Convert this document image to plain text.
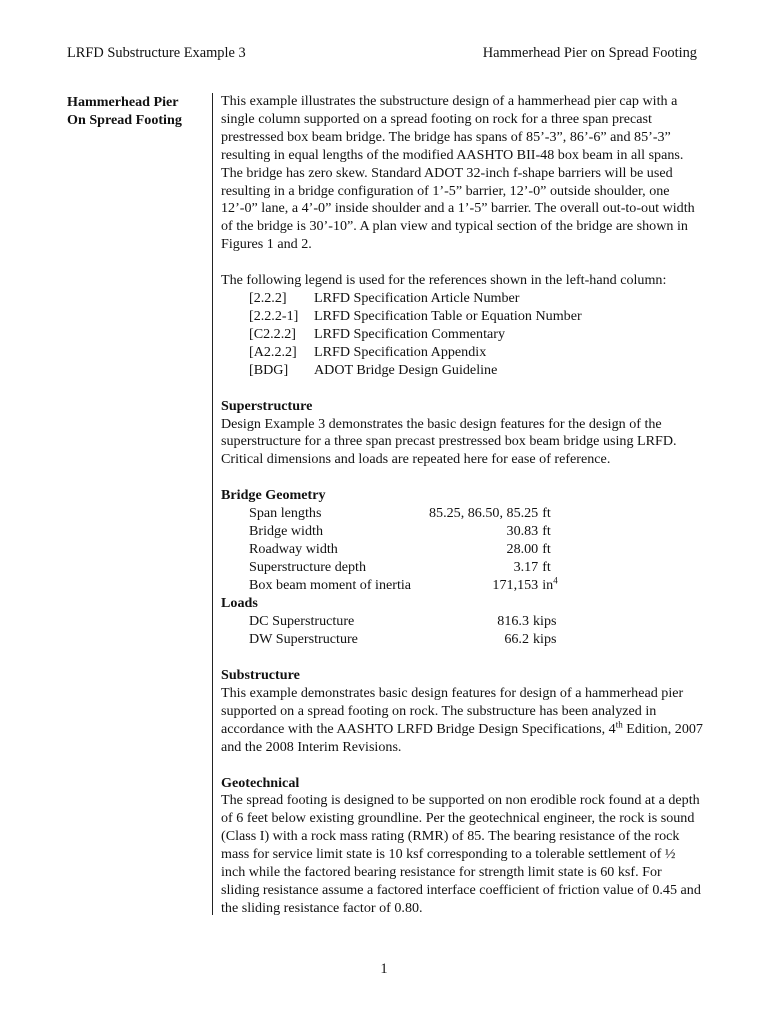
LRFD Substructure Example 3	Hammerhead Pier on Spread Footing
Hammerhead Pier
On Spread Footing

This example illustrates the substructure design of a hammerhead pier cap with a single column supported on a spread footing on rock for a three span precast prestressed box beam bridge. The bridge has spans of 85’-3”, 86’-6” and 85’-3” resulting in equal lengths of the modified AASHTO BII-48 box beam in all spans. The bridge has zero skew. Standard ADOT 32-inch f-shape barriers will be used resulting in a bridge configuration of 1’-5” barrier, 12’-0” outside shoulder, one 12’-0” lane, a 4’-0” inside shoulder and a 1’-5” barrier. The overall out-to-out width of the bridge is 30’-10”. A plan view and typical section of the bridge are shown in Figures 1 and 2.

The following legend is used for the references shown in the left-hand column:

[2.2.2]	LRFD Specification Article Number
[2.2.2-1]	LRFD Specification Table or Equation Number
[C2.2.2]	LRFD Specification Commentary
[A2.2.2]	LRFD Specification Appendix
[BDG]	ADOT Bridge Design Guideline

Superstructure

Design Example 3 demonstrates the basic design features for the design of the superstructure for a three span precast prestressed box beam bridge using LRFD. Critical dimensions and loads are repeated here for ease of reference.

Bridge Geometry

Span lengths	85.25, 86.50, 85.25	ft
Bridge width	30.83	ft
Roadway width	28.00	ft
Superstructure depth	3.17	ft
Box beam moment of inertia	171,153	$in^4$

Loads

DC Superstructure	816.3	kips
DW Superstructure	66.2	kips

Substructure

This example demonstrates basic design features for design of a hammerhead pier supported on a spread footing on rock. The substructure has been analyzed in accordance with the AASHTO LRFD Bridge Design Specifications, 4th Edition, 2007 and the 2008 Interim Revisions.

Geotechnical

The spread footing is designed to be supported on non erodible rock found at a depth of 6 feet below existing groundline. Per the geotechnical engineer, the rock is sound (Class I) with a rock mass rating (RMR) of 85. The bearing resistance of the rock mass for service limit state is 10 ksf corresponding to a tolerable settlement of ½ inch while the factored bearing resistance for strength limit state is 60 ksf. For sliding resistance assume a factored interface coefficient of friction value of 0.45 and the sliding resistance factor of 0.80.

1
